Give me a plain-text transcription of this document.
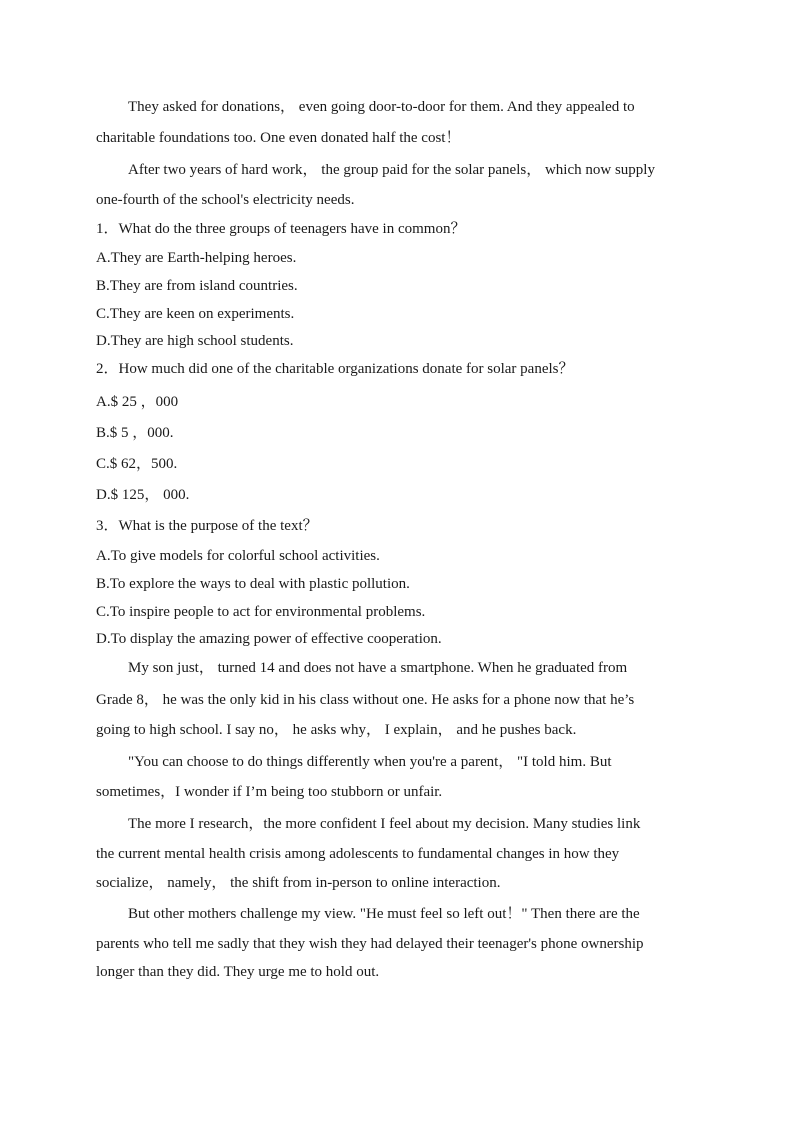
They asked for donations， even going door-to-door for them. And they appealed to
charitable foundations too. One even donated half the cost！
After two years of hard work， the group paid for the solar panels， which now supply
one-fourth of the school's electricity needs.
1．What do the three groups of teenagers have in common？
A.They are Earth-helping heroes.
B.They are from island countries.
C.They are keen on experiments.
D.They are high school students.
2．How much did one of the charitable organizations donate for solar panels？
A.$ 25 ，000
B.$ 5 ，000.
C.$ 62，500.
D.$ 125， 000.
3．What is the purpose of the text？
A.To give models for colorful school activities.
B.To explore the ways to deal with plastic pollution.
C.To inspire people to act for environmental problems.
D.To display the amazing power of effective cooperation.
My son just， turned 14 and does not have a smartphone. When he graduated from
Grade 8， he was the only kid in his class without one. He asks for a phone now that he’s
going to high school. I say no， he asks why， I explain， and he pushes back.
"You can choose to do things differently when you're a parent， "I told him. But
sometimes，I wonder if I’m being too stubborn or unfair.
The more I research，the more confident I feel about my decision. Many studies link
the current mental health crisis among adolescents to fundamental changes in how they
socialize， namely， the shift from in-person to online interaction.
But other mothers challenge my view. "He must feel so left out！" Then there are the
parents who tell me sadly that they wish they had delayed their teenager's phone ownership
longer than they did. They urge me to hold out.
